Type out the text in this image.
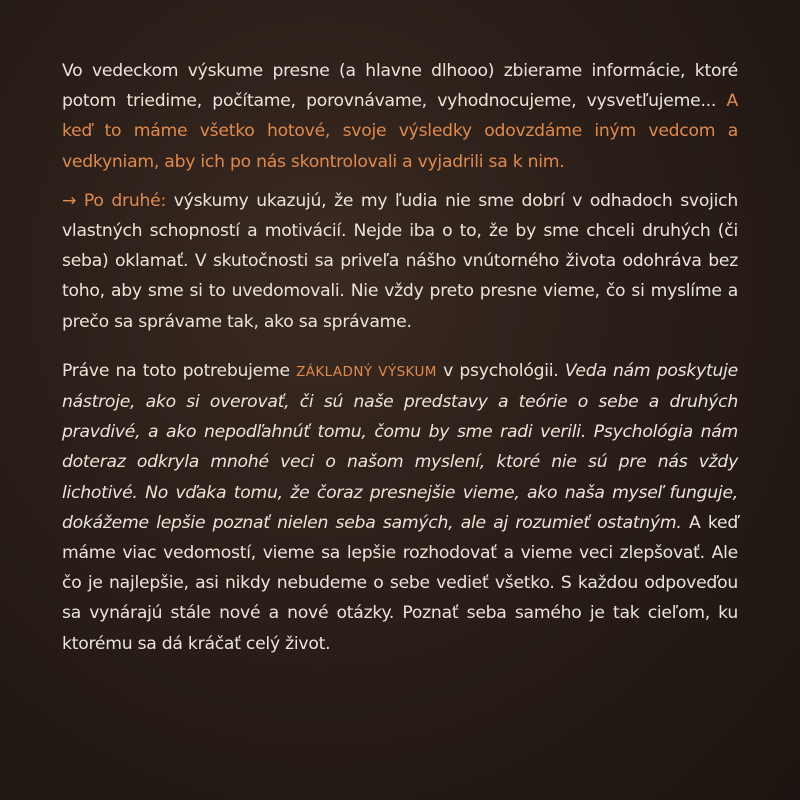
Vo vedeckom výskume presne (a hlavne dlhooo) zbierame informácie, ktoré potom triedime, počítame, porovnávame, vyhodnocujeme, vysvetľujeme... A keď to máme všetko hotové, svoje výsledky odovzdáme iným vedcom a vedkyniam, aby ich po nás skontrolovali a vyjadrili sa k nim.

→ Po druhé: výskumy ukazujú, že my ľudia nie sme dobrí v odhadoch svojich vlastných schopností a motivácií. Nejde iba o to, že by sme chceli druhých (či seba) oklamať. V skutočnosti sa priveľa nášho vnútorného života odohráva bez toho, aby sme si to uvedomovali. Nie vždy preto presne vieme, čo si myslíme a prečo sa správame tak, ako sa správame.

Práve na toto potrebujeme ZÁKLADNÝ VÝSKUM v psychológii. Veda nám poskytuje nástroje, ako si overovať, či sú naše predstavy a teórie o sebe a druhých pravdivé, a ako nepodľahnúť tomu, čomu by sme radi verili. Psychológia nám doteraz odkryla mnohé veci o našom myslení, ktoré nie sú pre nás vždy lichotivé. No vďaka tomu, že čoraz presnejšie vieme, ako naša myseľ funguje, dokážeme lepšie poznať nielen seba samých, ale aj rozumieť ostatným. A keď máme viac vedomostí, vieme sa lepšie rozhodovať a vieme veci zlepšovať. Ale čo je najlepšie, asi nikdy nebudeme o sebe vedieť všetko. S každou odpoveďou sa vynárajú stále nové a nové otázky. Poznať seba samého je tak cieľom, ku ktorému sa dá kráčať celý život.
